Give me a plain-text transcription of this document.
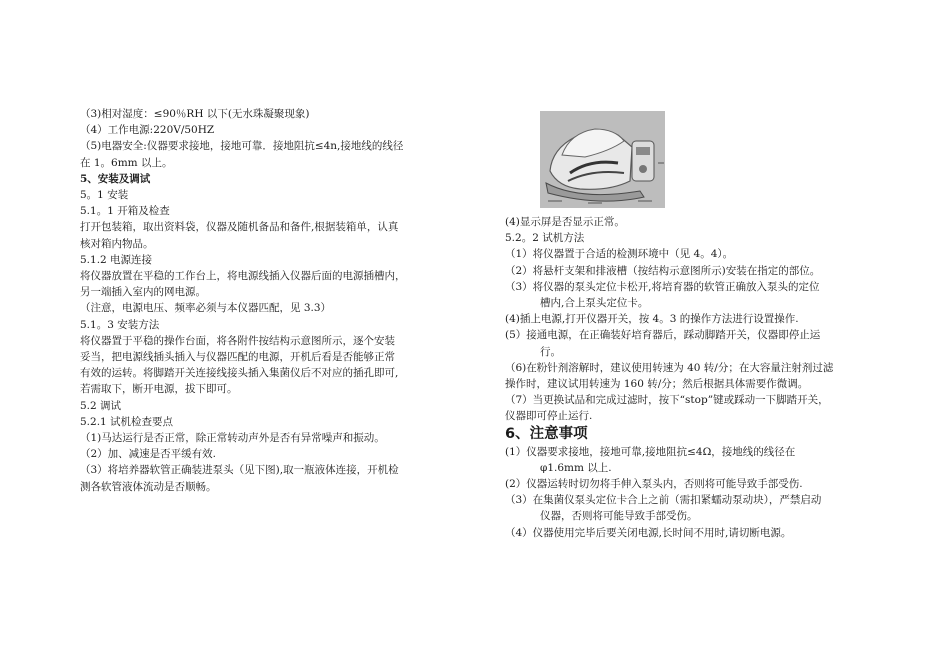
（3)相对湿度：≤90％RH 以下(无水珠凝聚现象)

（4）工作电源:220V/50HZ

（5)电器安全:仪器要求接地，接地可靠．接地阻抗≤4n,接地线的线径

在 1。6mm 以上。

5、安装及调试

5。1 安装

5.1。1 开箱及检查

打开包装箱，取出资料袋，仪器及随机备品和备件,根据装箱单，认真

核对箱内物品。

5.1.2 电源连接

将仪器放置在平稳的工作台上，将电源线插入仪器后面的电源插槽内，

另一端插入室内的网电源。

（注意，电源电压、频率必须与本仪器匹配，见 3.3）

5.1。3 安装方法

将仪器置于平稳的操作台面，将各附件按结构示意图所示，逐个安装

妥当，把电源线插头插入与仪器匹配的电源，开机后看是否能够正常

有效的运转。将脚踏开关连接线接头插入集菌仪后不对应的插孔即可,

若需取下，断开电源，拔下即可。

5.2 调试

5.2.1 试机检查要点

（1)马达运行是否正常，除正常转动声外是否有异常噪声和振动。

（2）加、减速是否平缓有效.

（3）将培养器软管正确装进泵头（见下图),取一瓶液体连接，开机检

测各软管液体流动是否顺畅。

(4)显示屏是否显示正常。

5.2。2 试机方法

（1）将仪器置于合适的检测环境中（见 4。4）。

（2）将悬杆支架和排液槽（按结构示意图所示)安装在指定的部位。

（3）将仪器的泵头定位卡松开,将培育器的软管正确放入泵头的定位

槽内,合上泵头定位卡。

(4)插上电源,打开仪器开关，按 4。3 的操作方法进行设置操作.

(5）接通电源，在正确装好培育器后，踩动脚踏开关，仪器即停止运

行。

（6)在粉针剂溶解时，建议使用转速为 40 转/分；在大容量注射剂过滤

操作时，建议试用转速为 160 转/分；然后根据具体需要作微调。

（7）当更换试品和完成过滤时，按下“stop”键或踩动一下脚踏开关，

仪器即可停止运行.

6、注意事项

(1）仪器要求接地，接地可靠,接地阻抗≤4Ω，接地线的线径在

φ1.6mm 以上.

(2）仪器运转时切勿将手伸入泵头内，否则将可能导致手部受伤.

（3）在集菌仪泵头定位卡合上之前（需扣紧蠕动泵动块），严禁启动

仪器，否则将可能导致手部受伤。

（4）仪器使用完毕后要关闭电源,长时间不用时,请切断电源。
